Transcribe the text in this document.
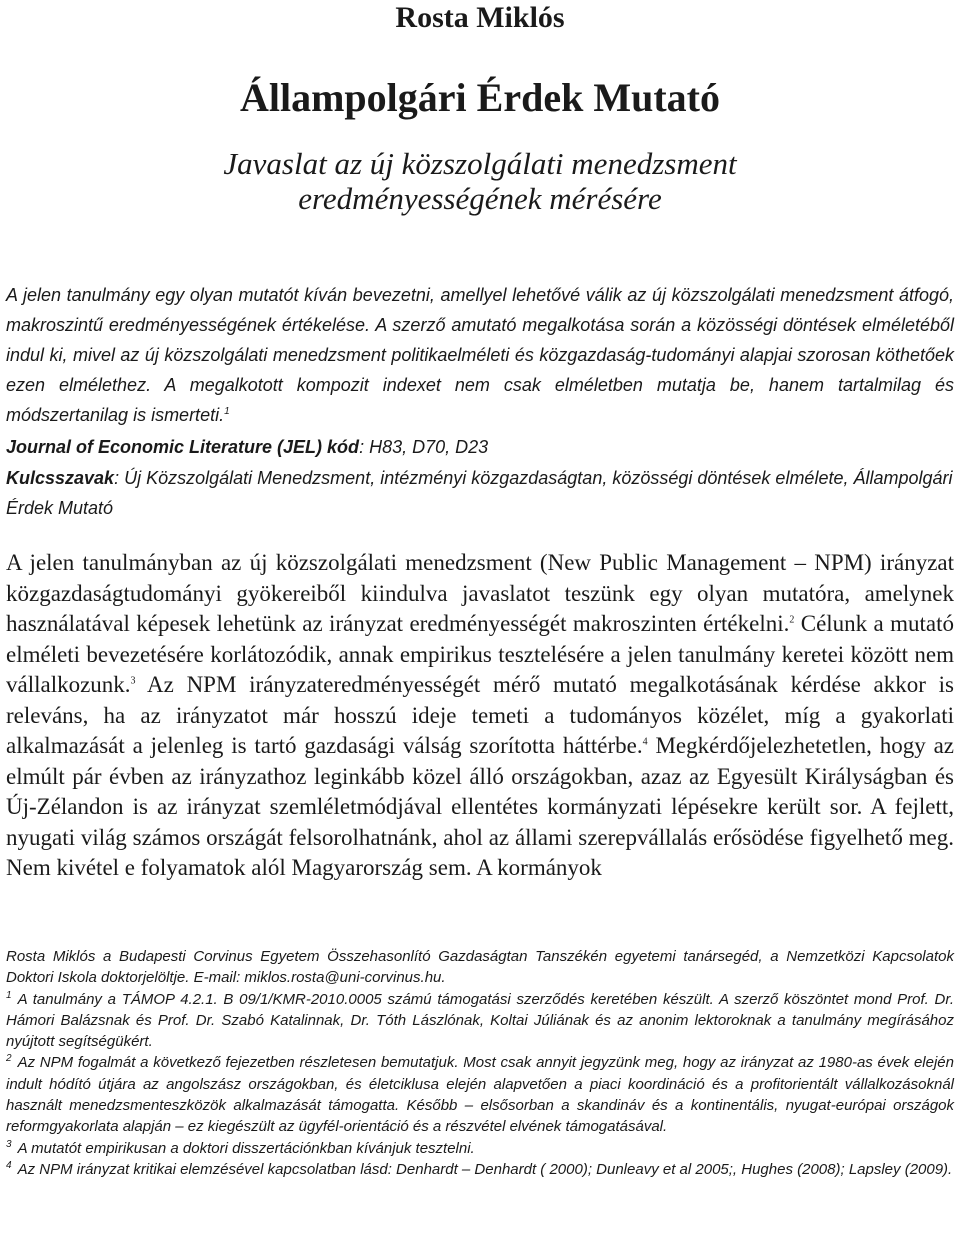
Rosta Miklós
Állampolgári Érdek Mutató
Javaslat az új közszolgálati menedzsment
eredményességének mérésére

A jelen tanulmány egy olyan mutatót kíván bevezetni, amellyel lehetővé válik az új közszolgálati menedzsment átfogó, makroszintű eredményességének értékelése. A szerző amutató megalkotása során a közösségi döntések elméletéből indul ki, mivel az új közszolgálati menedzsment politikaelméleti és közgazdaság-tudományi alapjai szorosan köthetőek ezen elmélethez. A megalkotott kompozit indexet nem csak elméletben mutatja be, hanem tartalmilag és módszertanilag is ismerteti.$^1$

Journal of Economic Literature (JEL) kód: H83, D70, D23

Kulcsszavak: Új Közszolgálati Menedzsment, intézményi közgazdaságtan, közösségi döntések elmélete, Állampolgári Érdek Mutató

A jelen tanulmányban az új közszolgálati menedzsment (New Public Management – NPM) irányzat közgazdaságtudományi gyökereiből kiindulva javaslatot teszünk egy olyan mutatóra, amelynek használatával képesek lehetünk az irányzat eredményességét makroszinten értékelni.$^2$ Célunk a mutató elméleti bevezetésére korlátozódik, annak empirikus tesztelésére a jelen tanulmány keretei között nem vállalkozunk.$^3$ Az NPM irányzateredményességét mérő mutató megalkotásának kérdése akkor is releváns, ha az irányzatot már hosszú ideje temeti a tudományos közélet, míg a gyakorlati alkalmazását a jelenleg is tartó gazdasági válság szorította háttérbe.$^4$ Megkérdőjelezhetetlen, hogy az elmúlt pár évben az irányzathoz leginkább közel álló országokban, azaz az Egyesült Királyságban és Új-Zélandon is az irányzat szemléletmódjával ellentétes kormányzati lépésekre került sor. A fejlett, nyugati világ számos országát felsorolhatnánk, ahol az állami szerepvállalás erősödése figyelhető meg. Nem kivétel e folyamatok alól Magyarország sem. A kormányok

Rosta Miklós a Budapesti Corvinus Egyetem Összehasonlító Gazdaságtan Tanszékén egyetemi tanársegéd, a Nemzetközi Kapcsolatok Doktori Iskola doktorjelöltje. E-mail: miklos.rosta@uni-corvinus.hu.

$^1$ A tanulmány a TÁMOP 4.2.1. B 09/1/KMR-2010.0005 számú támogatási szerződés keretében készült. A szerző köszöntet mond Prof. Dr. Hámori Balázsnak és Prof. Dr. Szabó Katalinnak, Dr. Tóth Lászlónak, Koltai Júliának és az anonim lektoroknak a tanulmány megírásához nyújtott segítségükért.

$^2$ Az NPM fogalmát a következő fejezetben részletesen bemutatjuk. Most csak annyit jegyzünk meg, hogy az irányzat az 1980-as évek elején indult hódító útjára az angolszász országokban, és életciklusa elején alapvetően a piaci koordináció és a profitorientált vállalkozásoknál használt menedzsmenteszközök alkalmazását támogatta. Később – elsősorban a skandináv és a kontinentális, nyugat-európai országok reformgyakorlata alapján – ez kiegészült az ügyfél-orientáció és a részvétel elvének támogatásával.

$^3$ A mutatót empirikusan a doktori disszertációnkban kívánjuk tesztelni.

$^4$ Az NPM irányzat kritikai elemzésével kapcsolatban lásd: Denhardt – Denhardt ( 2000); Dunleavy et al 2005;, Hughes (2008); Lapsley (2009).
